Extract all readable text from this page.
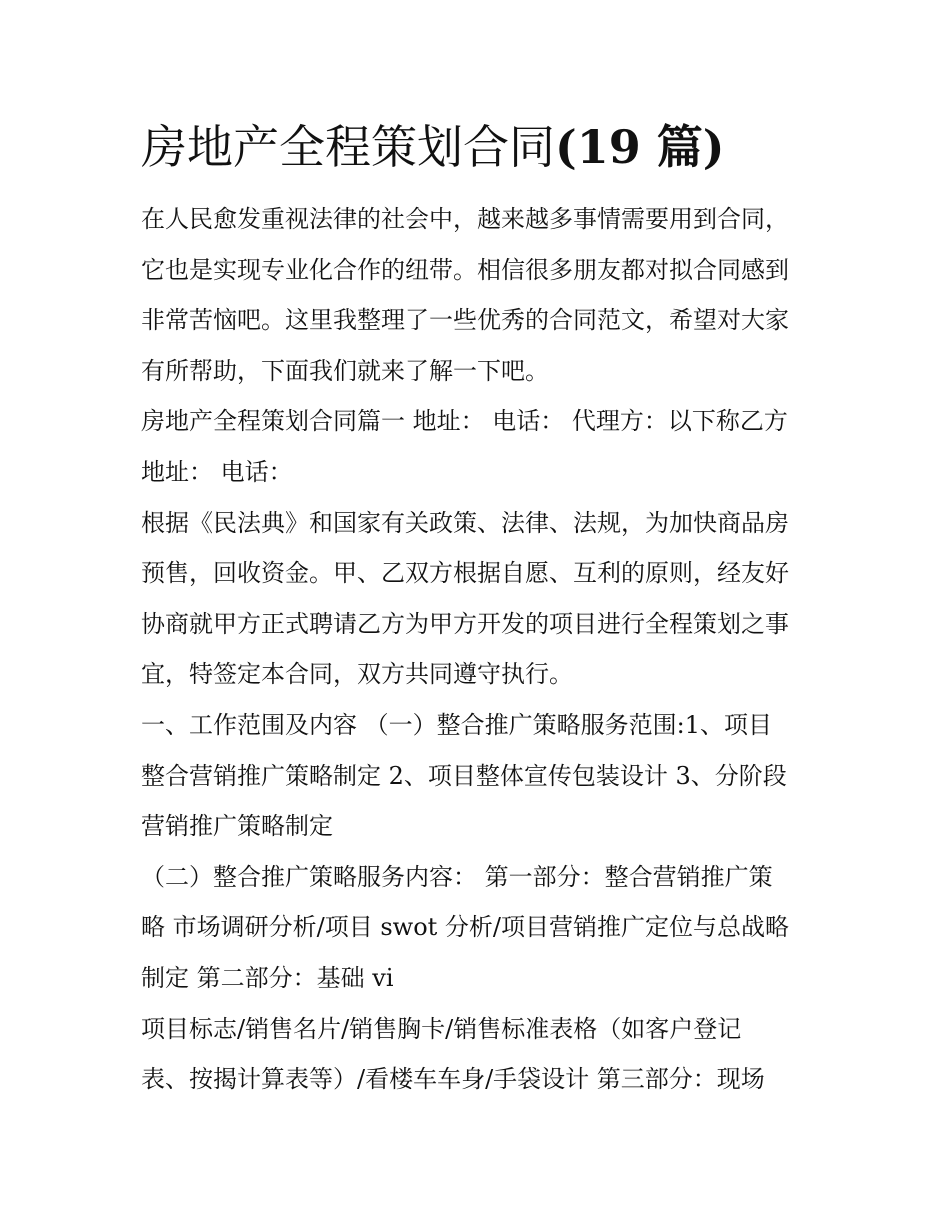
房地产全程策划合同(19 篇)

在人民愈发重视法律的社会中，越来越多事情需要用到合同，
它也是实现专业化合作的纽带。相信很多朋友都对拟合同感到
非常苦恼吧。这里我整理了一些优秀的合同范文，希望对大家
有所帮助，下面我们就来了解一下吧。

房地产全程策划合同篇一 地址： 电话： 代理方：以下称乙方
地址： 电话：

根据《民法典》和国家有关政策、法律、法规，为加快商品房
预售，回收资金。甲、乙双方根据自愿、互利的原则，经友好
协商就甲方正式聘请乙方为甲方开发的项目进行全程策划之事
宜，特签定本合同，双方共同遵守执行。

一、工作范围及内容 （一）整合推广策略服务范围:1、项目
整合营销推广策略制定 2、项目整体宣传包装设计 3、分阶段
营销推广策略制定

（二）整合推广策略服务内容： 第一部分：整合营销推广策
略 市场调研分析/项目 swot 分析/项目营销推广定位与总战略
制定 第二部分：基础 vi

项目标志/销售名片/销售胸卡/销售标准表格（如客户登记
表、按揭计算表等）/看楼车车身/手袋设计 第三部分：现场
